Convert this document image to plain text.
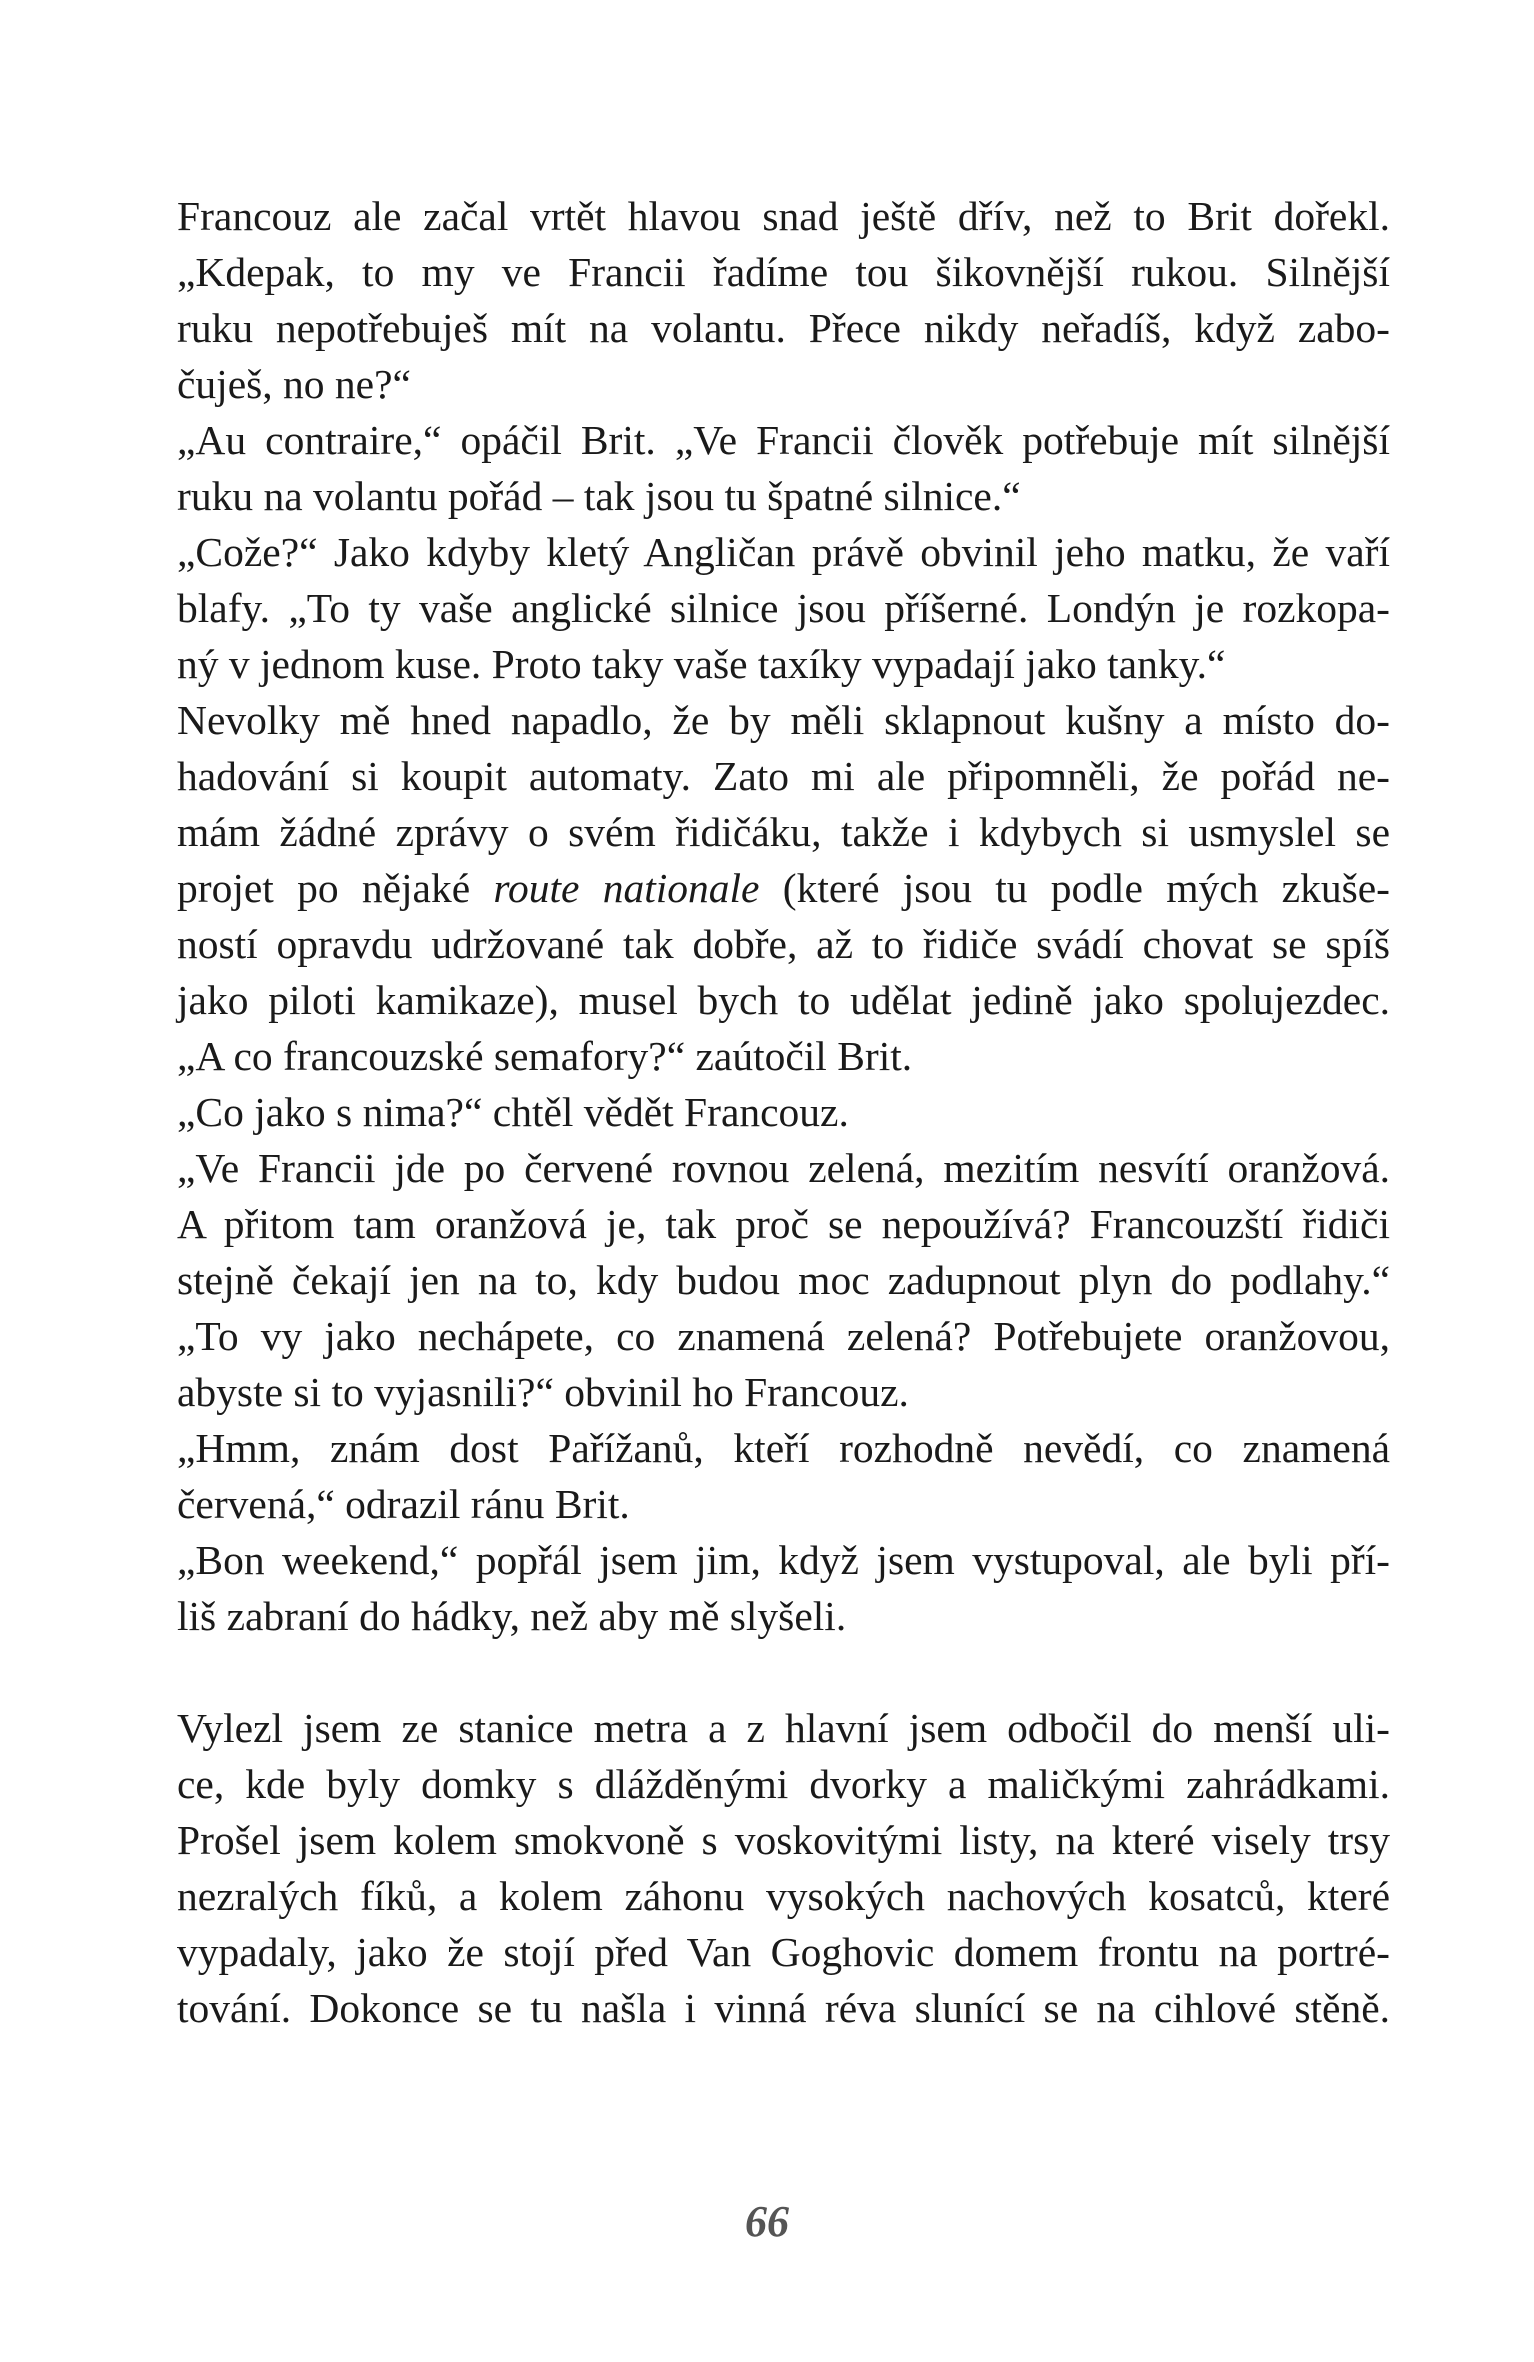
Francouz ale začal vrtět hlavou snad ještě dřív, než to Brit dořekl.
„Kdepak, to my ve Francii řadíme tou šikovnější rukou. Silnější
ruku nepotřebuješ mít na volantu. Přece nikdy neřadíš, když zabo-
čuješ, no ne?“
„Au contraire,“ opáčil Brit. „Ve Francii člověk potřebuje mít silnější
ruku na volantu pořád – tak jsou tu špatné silnice.“
„Cože?“ Jako kdyby kletý Angličan právě obvinil jeho matku, že vaří
blafy. „To ty vaše anglické silnice jsou příšerné. Londýn je rozkopa-
ný v jednom kuse. Proto taky vaše taxíky vypadají jako tanky.“
Nevolky mě hned napadlo, že by měli sklapnout kušny a místo do-
hadování si koupit automaty. Zato mi ale připomněli, že pořád ne-
mám žádné zprávy o svém řidičáku, takže i kdybych si usmyslel se
projet po nějaké route nationale (které jsou tu podle mých zkuše-
ností opravdu udržované tak dobře, až to řidiče svádí chovat se spíš
jako piloti kamikaze), musel bych to udělat jedině jako spolujezdec.
„A co francouzské semafory?“ zaútočil Brit.
„Co jako s nima?“ chtěl vědět Francouz.
„Ve Francii jde po červené rovnou zelená, mezitím nesvítí oranžová.
A přitom tam oranžová je, tak proč se nepoužívá? Francouzští řidiči
stejně čekají jen na to, kdy budou moc zadupnout plyn do podlahy.“
„To vy jako nechápete, co znamená zelená? Potřebujete oranžovou,
abyste si to vyjasnili?“ obvinil ho Francouz.
„Hmm, znám dost Pařížanů, kteří rozhodně nevědí, co znamená
červená,“ odrazil ránu Brit.
„Bon weekend,“ popřál jsem jim, když jsem vystupoval, ale byli pří-
liš zabraní do hádky, než aby mě slyšeli.
Vylezl jsem ze stanice metra a z hlavní jsem odbočil do menší uli-
ce, kde byly domky s dlážděnými dvorky a maličkými zahrádkami.
Prošel jsem kolem smokvoně s voskovitými listy, na které visely trsy
nezralých fíků, a kolem záhonu vysokých nachových kosatců, které
vypadaly, jako že stojí před Van Goghovic domem frontu na portré-
tování. Dokonce se tu našla i vinná réva slunící se na cihlové stěně.
66
